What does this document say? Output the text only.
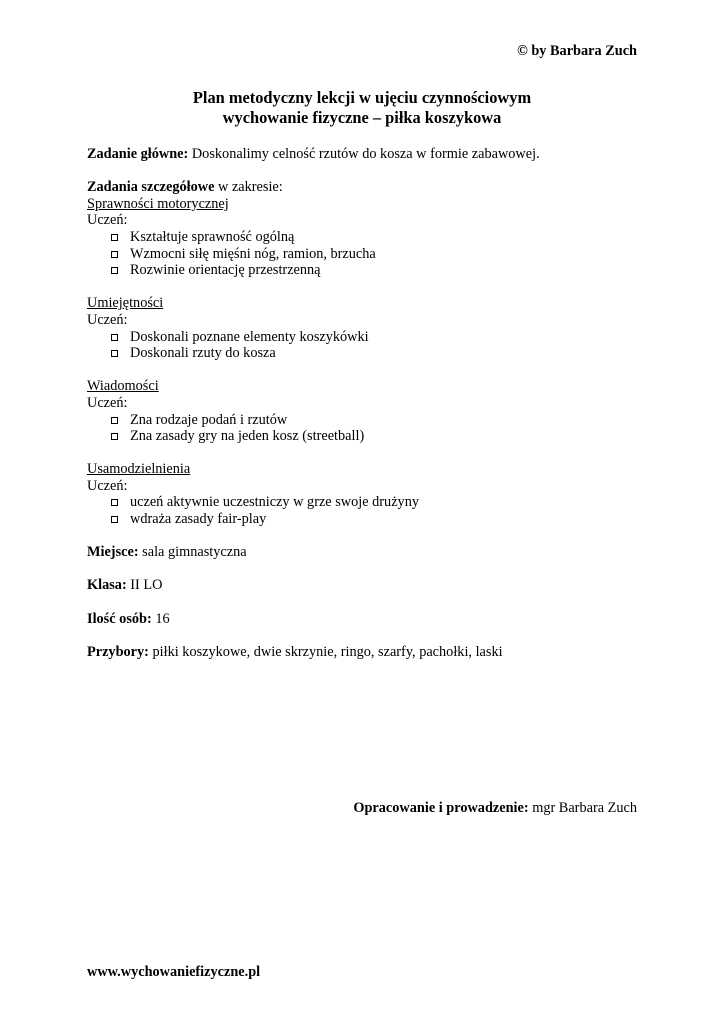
© by Barbara Zuch
Plan metodyczny lekcji w ujęciu czynnościowym
wychowanie fizyczne – piłka koszykowa
Zadanie główne: Doskonalimy celność rzutów do kosza w formie zabawowej.
Zadania szczegółowe w zakresie:
Sprawności motorycznej
Uczeń:
Kształtuje sprawność ogólną
Wzmocni siłę mięśni nóg, ramion, brzucha
Rozwinie orientację przestrzenną
Umiejętności
Uczeń:
Doskonali poznane elementy koszykówki
Doskonali rzuty do kosza
Wiadomości
Uczeń:
Zna rodzaje podań i rzutów
Zna zasady gry na jeden kosz (streetball)
Usamodzielnienia
Uczeń:
uczeń aktywnie uczestniczy w grze swoje drużyny
wdraża zasady fair-play
Miejsce: sala gimnastyczna
Klasa: II LO
Ilość osób: 16
Przybory: piłki koszykowe, dwie skrzynie, ringo, szarfy, pachołki, laski
Opracowanie i prowadzenie: mgr Barbara Zuch
www.wychowaniefizyczne.pl
